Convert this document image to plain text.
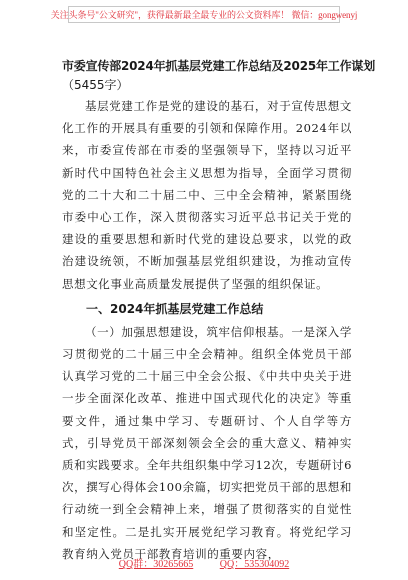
关注头条号"公文研究"，获得最新最全最专业的公文资料库！ 微信：gongwenyj

市委宣传部2024年抓基层党建工作总结及2025年工作谋划

（5455字）

基层党建工作是党的建设的基石，对于宣传思想文化工作的开展具有重要的引领和保障作用。2024年以来，市委宣传部在市委的坚强领导下，坚持以习近平新时代中国特色社会主义思想为指导，全面学习贯彻党的二十大和二十届二中、三中全会精神，紧紧围绕市委中心工作，深入贯彻落实习近平总书记关于党的建设的重要思想和新时代党的建设总要求，以党的政治建设统领，不断加强基层党组织建设，为推动宣传思想文化事业高质量发展提供了坚强的组织保证。

一、2024年抓基层党建工作总结

（一）加强思想建设，筑牢信仰根基。一是深入学习贯彻党的二十届三中全会精神。组织全体党员干部认真学习党的二十届三中全会公报、《中共中央关于进一步全面深化改革、推进中国式现代化的决定》等重要文件，通过集中学习、专题研讨、个人自学等方式，引导党员干部深刻领会全会的重大意义、精神实质和实践要求。全年共组织集中学习12次，专题研讨6次，撰写心得体会100余篇，切实把党员干部的思想和行动统一到全会精神上来，增强了贯彻落实的自觉性和坚定性。二是扎实开展党纪学习教育。将党纪学习教育纳入党员干部教育培训的重要内容，

QQ群：30265665	QQ：535304092
